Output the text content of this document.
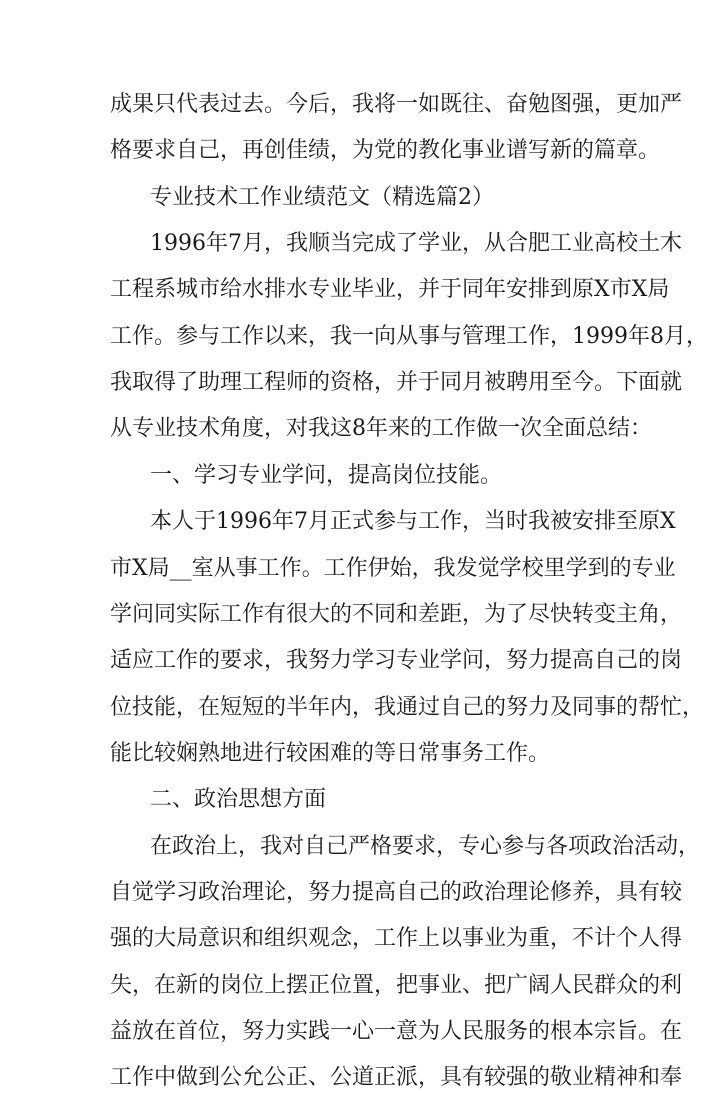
成果只代表过去。今后，我将一如既往、奋勉图强，更加严
格要求自己，再创佳绩，为党的教化事业谱写新的篇章。
专业技术工作业绩范文（精选篇2）
1996年7月，我顺当完成了学业，从合肥工业高校土木
工程系城市给水排水专业毕业，并于同年安排到原X市X局
工作。参与工作以来，我一向从事与管理工作，1999年8月，
我取得了助理工程师的资格，并于同月被聘用至今。下面就
从专业技术角度，对我这8年来的工作做一次全面总结：
一、学习专业学问，提高岗位技能。
本人于1996年7月正式参与工作，当时我被安排至原X
市X局__室从事工作。工作伊始，我发觉学校里学到的专业
学问同实际工作有很大的不同和差距，为了尽快转变主角，
适应工作的要求，我努力学习专业学问，努力提高自己的岗
位技能，在短短的半年内，我通过自己的努力及同事的帮忙，
能比较娴熟地进行较困难的等日常事务工作。
二、政治思想方面
在政治上，我对自己严格要求，专心参与各项政治活动，
自觉学习政治理论，努力提高自己的政治理论修养，具有较
强的大局意识和组织观念，工作上以事业为重，不计个人得
失，在新的岗位上摆正位置，把事业、把广阔人民群众的利
益放在首位，努力实践一心一意为人民服务的根本宗旨。在
工作中做到公允公正、公道正派，具有较强的敬业精神和奉
